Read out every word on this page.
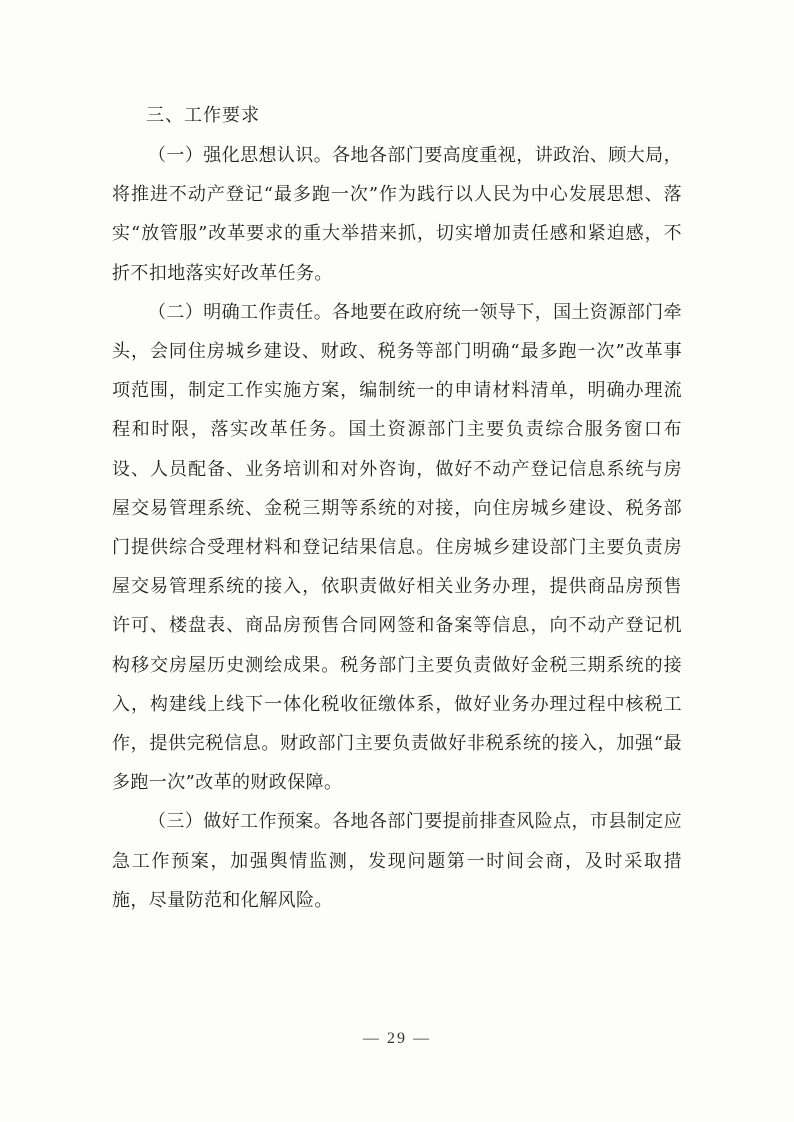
三、工作要求

（一）强化思想认识。各地各部门要高度重视，讲政治、顾大局，将推进不动产登记“最多跑一次”作为践行以人民为中心发展思想、落实“放管服”改革要求的重大举措来抓，切实增加责任感和紧迫感，不折不扣地落实好改革任务。

（二）明确工作责任。各地要在政府统一领导下，国土资源部门牵头，会同住房城乡建设、财政、税务等部门明确“最多跑一次”改革事项范围，制定工作实施方案，编制统一的申请材料清单，明确办理流程和时限，落实改革任务。国土资源部门主要负责综合服务窗口布设、人员配备、业务培训和对外咨询，做好不动产登记信息系统与房屋交易管理系统、金税三期等系统的对接，向住房城乡建设、税务部门提供综合受理材料和登记结果信息。住房城乡建设部门主要负责房屋交易管理系统的接入，依职责做好相关业务办理，提供商品房预售许可、楼盘表、商品房预售合同网签和备案等信息，向不动产登记机构移交房屋历史测绘成果。税务部门主要负责做好金税三期系统的接入，构建线上线下一体化税收征缴体系，做好业务办理过程中核税工作，提供完税信息。财政部门主要负责做好非税系统的接入，加强“最多跑一次”改革的财政保障。

（三）做好工作预案。各地各部门要提前排查风险点，市县制定应急工作预案，加强舆情监测，发现问题第一时间会商，及时采取措施，尽量防范和化解风险。

— 29 —
